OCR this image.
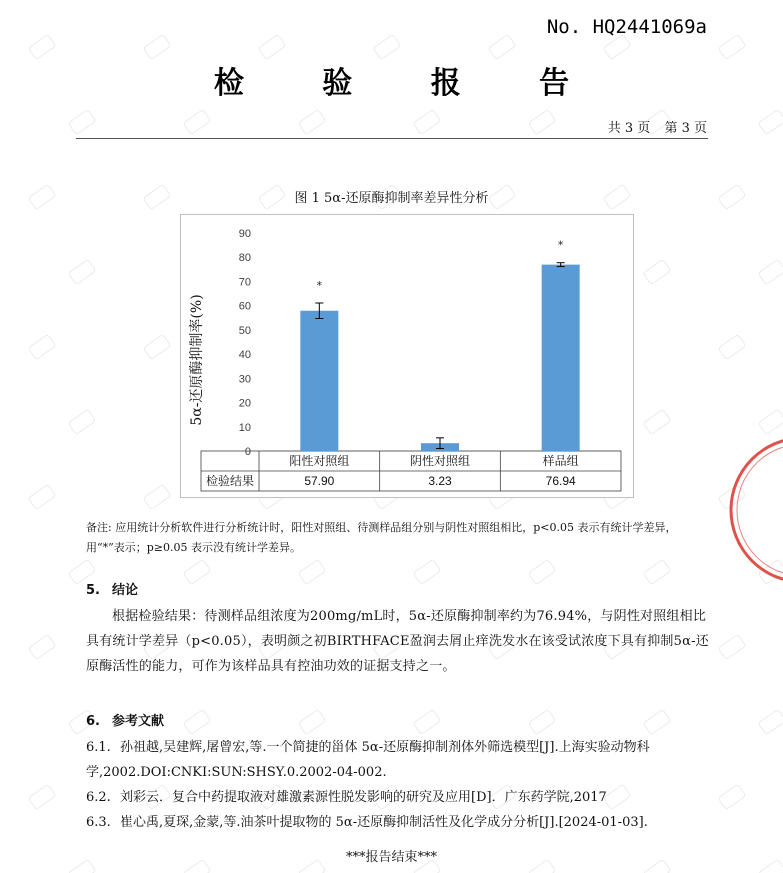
No. HQ2441069a
检 验 报 告
共 3 页 第 3 页
图 1 5α-还原酶抑制率差异性分析
0
10
20
30
40
50
60
70
80
90
检验结果
*
阳性对照组
57.90
阴性对照组
3.23
*
样品组
76.94
5α-还原酶抑制率(%)
备注: 应用统计分析软件进行分析统计时，阳性对照组、待测样品组分别与阴性对照组相比，p<0.05 表示有统计学差异，用“*”表示；p≥0.05 表示没有统计学差异。
5. 结论
根据检验结果：待测样品组浓度为200mg/mL时，5α-还原酶抑制率约为76.94%，与阴性对照组相比具有统计学差异（p<0.05），表明颜之初BIRTHFACE盈润去屑止痒洗发水在该受试浓度下具有抑制5α-还原酶活性的能力，可作为该样品具有控油功效的证据支持之一。
6. 参考文献
6.1. 孙祖越,吴建辉,屠曾宏,等.一个简捷的甾体 5α-还原酶抑制剂体外筛选模型[J].上海实验动物科学,2002.DOI:CNKI:SUN:SHSY.0.2002-04-002.
6.2. 刘彩云．复合中药提取液对雄激素源性脱发影响的研究及应用[D]．广东药学院,2017
6.3. 崔心禹,夏琛,金蒙,等.油茶叶提取物的 5α-还原酶抑制活性及化学成分分析[J].[2024-01-03].
***报告结束***
